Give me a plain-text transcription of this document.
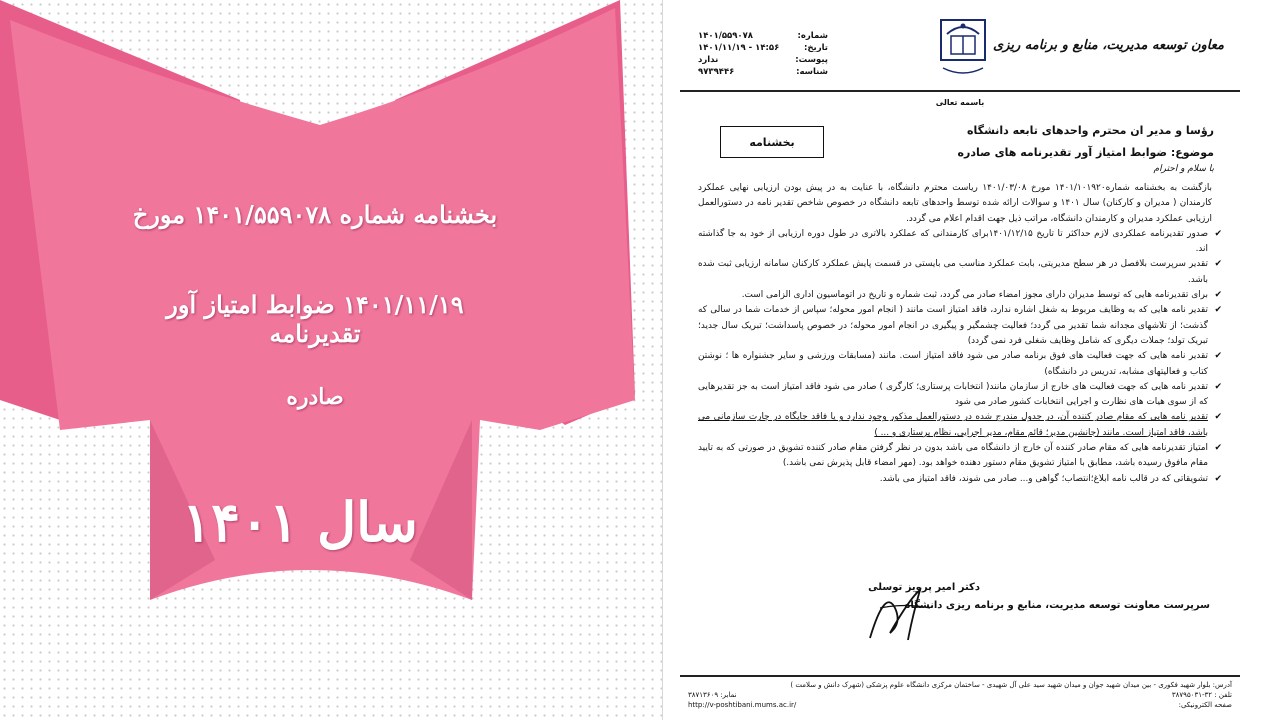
بخشنامه شماره ۱۴۰۱/۵۵۹۰۷۸ مورخ
۱۴۰۱/۱۱/۱۹ ضوابط امتیاز آور تقدیرنامه
صادره
سال ۱۴۰۱
معاون توسعه مدیریت، منابع و برنامه ریزی
شماره:
۱۴۰۱/۵۵۹۰۷۸
تاریخ:
۱۴۰۱/۱۱/۱۹ - ۱۴:۵۶
پیوست:
ندارد
شناسه:
۹۷۳۹۴۴۶
باسمه تعالی
رؤسا و مدیر ان محترم واحدهای تابعه دانشگاه
موضوع: ضوابط امتیاز آور تقدیرنامه های صادره
با سلام و احترام
بخشنامه

بازگشت به بخشنامه شماره۱۴۰۱/۱۰۱۹۲۰ مورخ ۱۴۰۱/۰۳/۰۸ ریاست محترم دانشگاه، با عنایت به در پیش بودن ارزیابی نهایی عملکرد کارمندان ( مدیران و کارکنان) سال ۱۴۰۱ و سوالات ارائه شده توسط واحدهای تابعه دانشگاه در خصوص شاخص تقدیر نامه در دستورالعمل ارزیابی عملکرد مدیران و کارمندان دانشگاه، مراتب ذیل جهت اقدام اعلام می گردد.

✔
صدور تقدیرنامه عملکردی لازم حداکثر تا تاریخ ۱۴۰۱/۱۲/۱۵برای کارمندانی که عملکرد بالاتری در طول دوره ارزیابی از خود به جا گذاشته اند.
✔
تقدیر سرپرست بلافصل در هر سطح مدیریتی، بابت عملکرد مناسب می بایستی در قسمت پایش عملکرد کارکنان سامانه ارزیابی ثبت شده باشد.
✔
برای تقدیرنامه هایی که توسط مدیران دارای مجوز امضاء صادر می گردد، ثبت شماره و تاریخ در اتوماسیون اداری الزامی است.
✔
تقدیر نامه هایی که به وظایف مربوط به شغل اشاره ندارد، فاقد امتیاز است مانند ( انجام امور محوله؛ سپاس از خدمات شما در سالی که گذشت؛ از تلاشهای مجدانه شما تقدیر می گردد؛ فعالیت چشمگیر و پیگیری در انجام امور محوله؛ در خصوص پاسداشت؛ تبریک سال جدید؛ تبریک تولد؛ جملات دیگری که شامل وظایف شغلی فرد نمی گردد)
✔
تقدیر نامه هایی که جهت فعالیت های فوق برنامه صادر می شود فاقد امتیاز است. مانند (مسابقات ورزشی و سایر جشنواره ها ؛ نوشتن کتاب و فعالیتهای مشابه، تدریس در دانشگاه)
✔
تقدیر نامه هایی که جهت فعالیت های خارج از سازمان مانند( انتخابات پرستاری؛ کارگری ) صادر می شود فاقد امتیاز است به جز تقدیرهایی که از سوی هیات های نظارت و اجرایی انتخابات کشور صادر می شود
✔
تقدیر نامه هایی که مقام صادر کننده آن، در جدول مندرج شده در دستورالعمل مذکور وجود ندارد و یا فاقد جایگاه در چارت سازمانی می باشد، فاقد امتیاز است. مانند (جانشین مدیر؛ قائم مقام، مدیر اجرایی، نظام پرستاری و ... )
✔
امتیاز تقدیرنامه هایی که مقام صادر کننده آن خارج از دانشگاه می باشد بدون در نظر گرفتن مقام صادر کننده تشویق در صورتی که به تایید مقام مافوق رسیده باشد، مطابق با امتیاز تشویق مقام دستور دهنده خواهد بود. (مهر امضاء قابل پذیرش نمی باشد.)
✔
تشویقاتی که در قالب نامه ابلاغ؛انتصاب؛ گواهی و... صادر می شوند، فاقد امتیاز می باشد.
دکتر امیر پرویز توسلی
سرپرست معاونت توسعه مدیریت، منابع و برنامه ریزی دانشگاه
آدرس: بلوار شهید فکوری - بین میدان شهید جوان و میدان شهید سید علی آل شهیدی - ساختمان مرکزی دانشگاه علوم پزشکی (شهرک دانش و سلامت )
تلفن : ۳۲-۳۸۷۹۵۰۳۱
نمابر: ۳۸۷۱۳۶۰۹
صفحه الکترونیکی:
http://v-poshtibani.mums.ac.ir/
